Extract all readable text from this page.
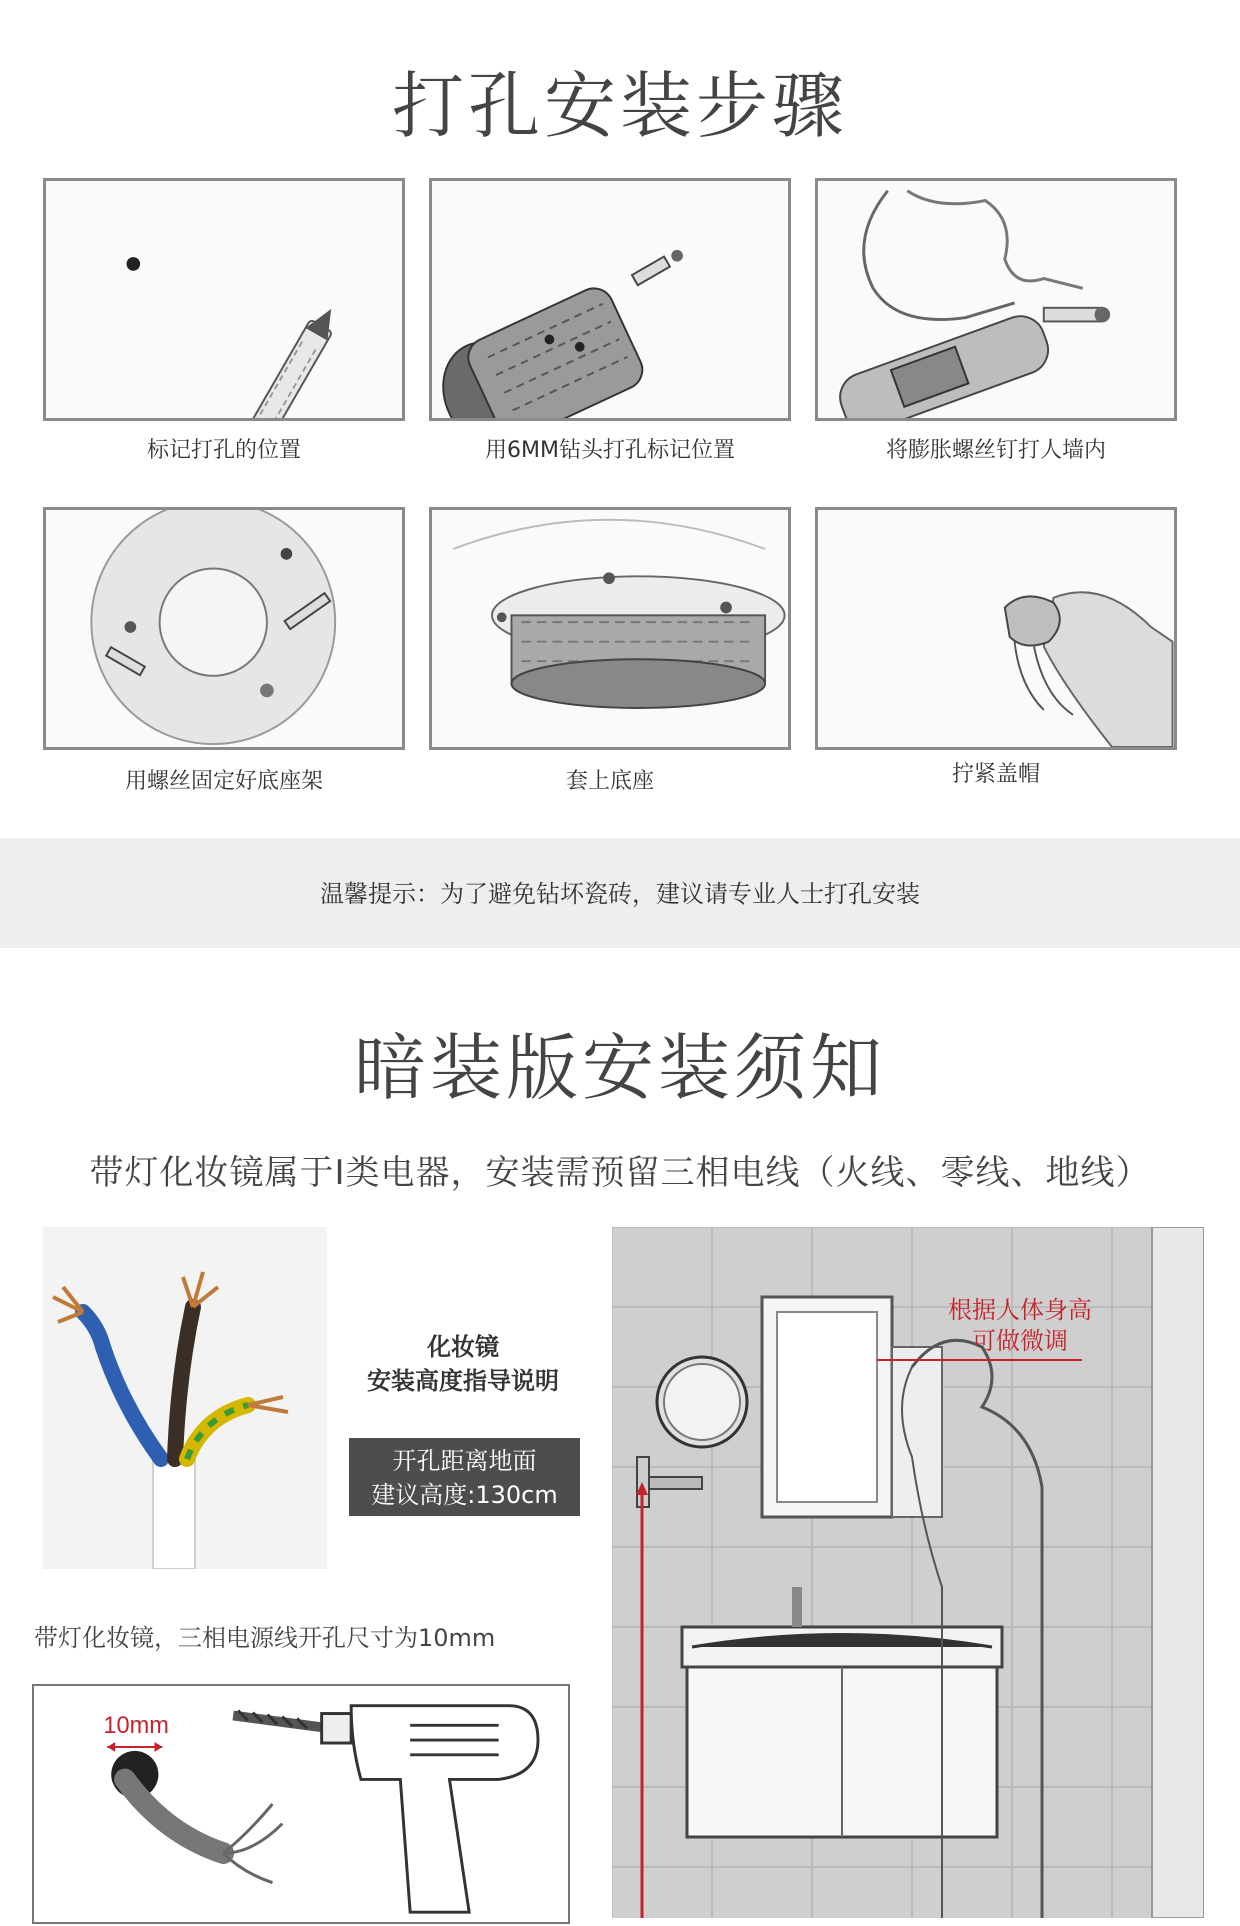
打孔安装步骤
标记打孔的位置	用6MM钻头打孔标记位置	将膨胀螺丝钉打人墙内
用螺丝固定好底座架	套上底座	拧紧盖帽
温馨提示：为了避免钻坏瓷砖，建议请专业人士打孔安装
暗装版安装须知
带灯化妆镜属于I类电器，安装需预留三相电线（火线、零线、地线）
化妆镜
安装高度指导说明
开孔距离地面
建议高度:130cm
带灯化妆镜，三相电源线开孔尺寸为10mm
10mm
根据人体身高
可做微调
